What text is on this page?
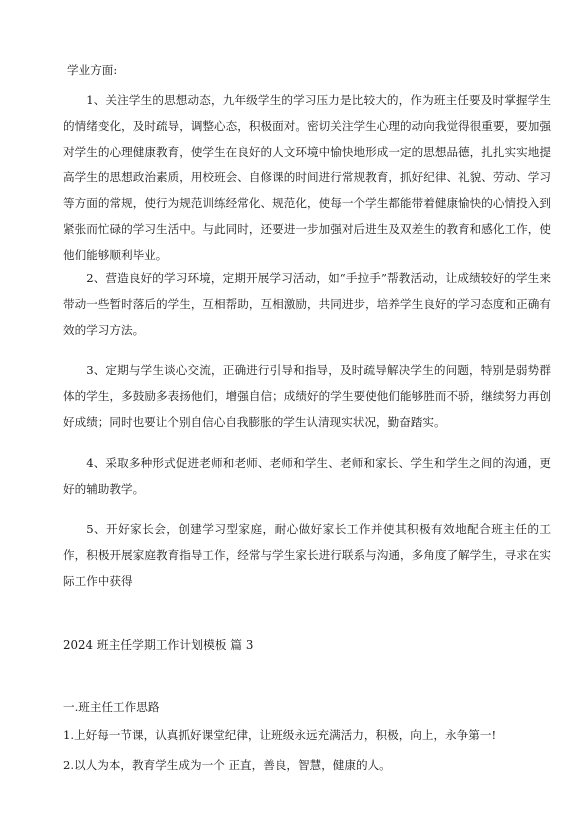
学业方面:

1、关注学生的思想动态，九年级学生的学习压力是比较大的，作为班主任要及时掌握学生的情绪变化，及时疏导，调整心态，积极面对。密切关注学生心理的动向我觉得很重要，要加强对学生的心理健康教育，使学生在良好的人文环境中愉快地形成一定的思想品德，扎扎实实地提高学生的思想政治素质，用校班会、自修课的时间进行常规教育，抓好纪律、礼貌、劳动、学习等方面的常规，使行为规范训练经常化、规范化，使每一个学生都能带着健康愉快的心情投入到紧张而忙碌的学习生活中。与此同时，还要进一步加强对后进生及双差生的教育和感化工作，使他们能够顺利毕业。

2、营造良好的学习环境，定期开展学习活动，如“手拉手”帮教活动，让成绩较好的学生来带动一些暂时落后的学生，互相帮助，互相激励，共同进步，培养学生良好的学习态度和正确有效的学习方法。

3、定期与学生谈心交流，正确进行引导和指导，及时疏导解决学生的问题，特别是弱势群体的学生，多鼓励多表扬他们，增强自信；成绩好的学生要使他们能够胜而不骄，继续努力再创好成绩；同时也要让个别自信心自我膨胀的学生认清现实状况，勤奋踏实。

4、采取多种形式促进老师和老师、老师和学生、老师和家长、学生和学生之间的沟通，更好的辅助教学。

5、开好家长会，创建学习型家庭，耐心做好家长工作并使其积极有效地配合班主任的工作，积极开展家庭教育指导工作，经常与学生家长进行联系与沟通，多角度了解学生，寻求在实际工作中获得

2024 班主任学期工作计划模板 篇 3

一.班主任工作思路

1.上好每一节课，认真抓好课堂纪律，让班级永远充满活力，积极，向上，永争第一!

2.以人为本，教育学生成为一个 正直，善良，智慧，健康的人。
